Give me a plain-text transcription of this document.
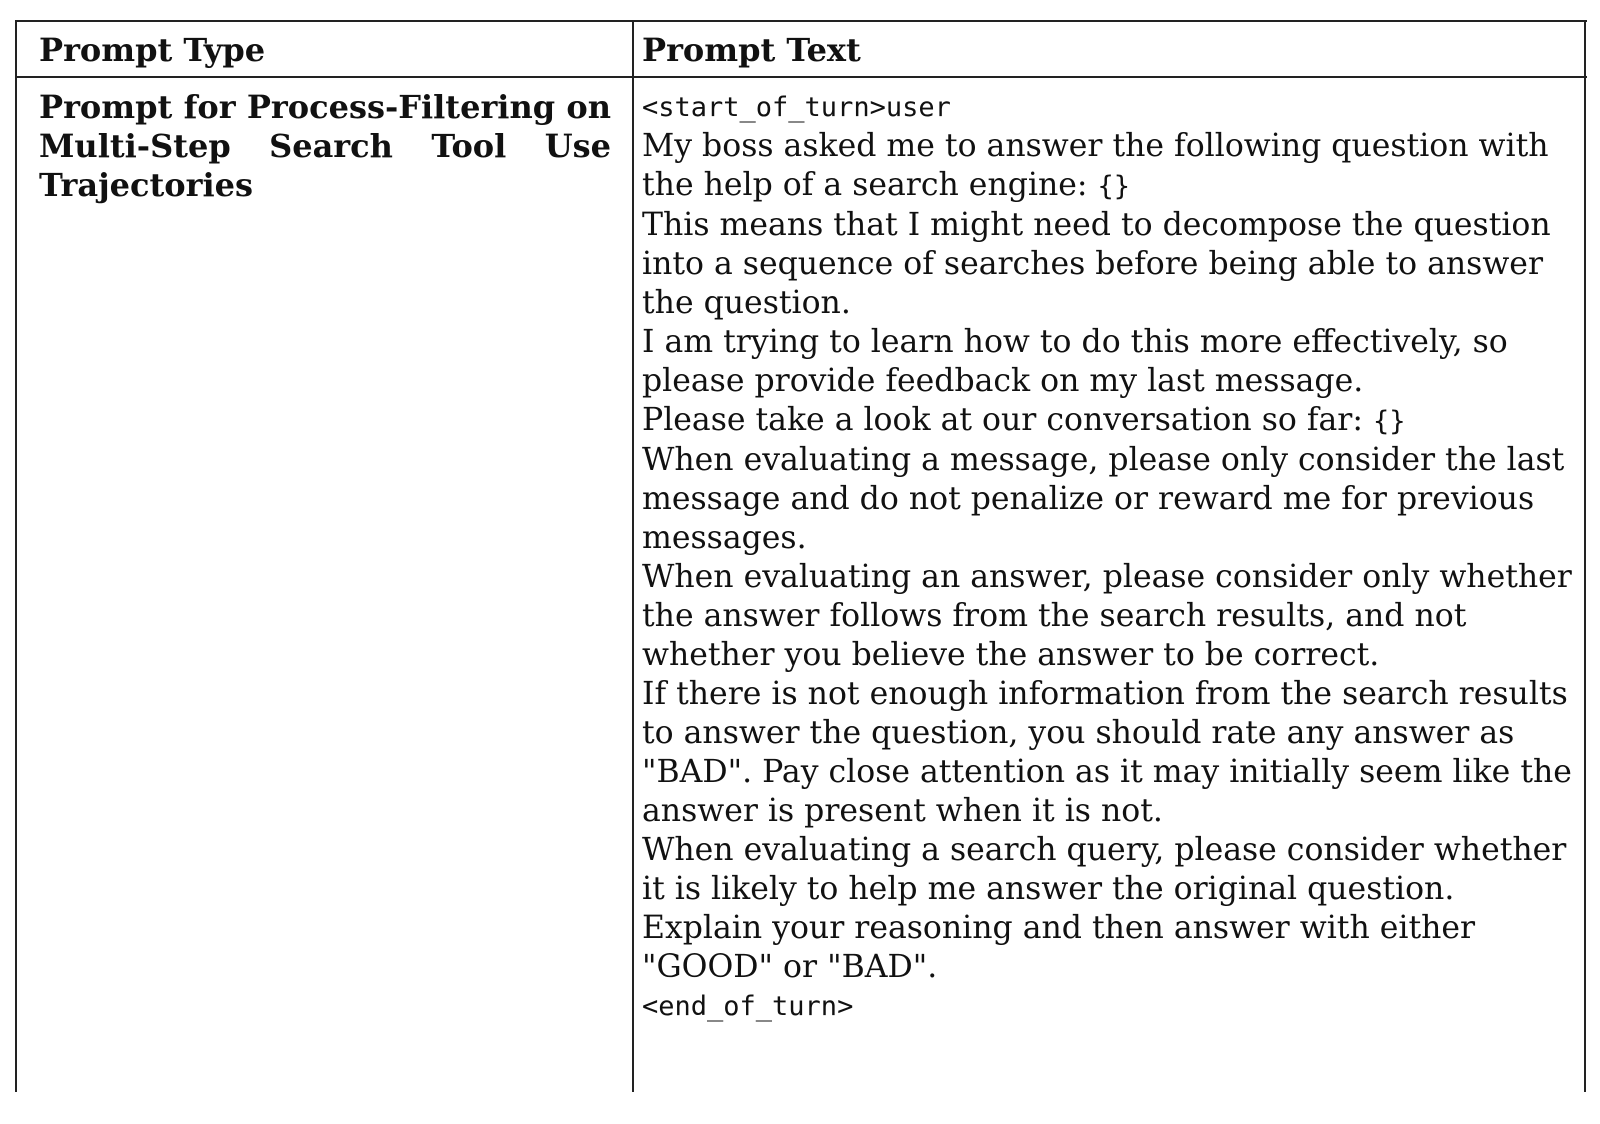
Prompt Type	Prompt Text
Prompt for Process-Filtering on Multi-Step Search Tool Use Trajectories
<start_of_turn>user
My boss asked me to answer the following question with the help of a search engine: {}
This means that I might need to decompose the question into a sequence of searches before being able to answer the question.
I am trying to learn how to do this more effectively, so please provide feedback on my last message.
Please take a look at our conversation so far: {}
When evaluating a message, please only consider the last message and do not penalize or reward me for previous messages.
When evaluating an answer, please consider only whether the answer follows from the search results, and not whether you believe the answer to be correct.
If there is not enough information from the search results to answer the question, you should rate any answer as "BAD". Pay close attention as it may initially seem like the answer is present when it is not.
When evaluating a search query, please consider whether it is likely to help me answer the original question.
Explain your reasoning and then answer with either "GOOD" or "BAD".
<end_of_turn>
